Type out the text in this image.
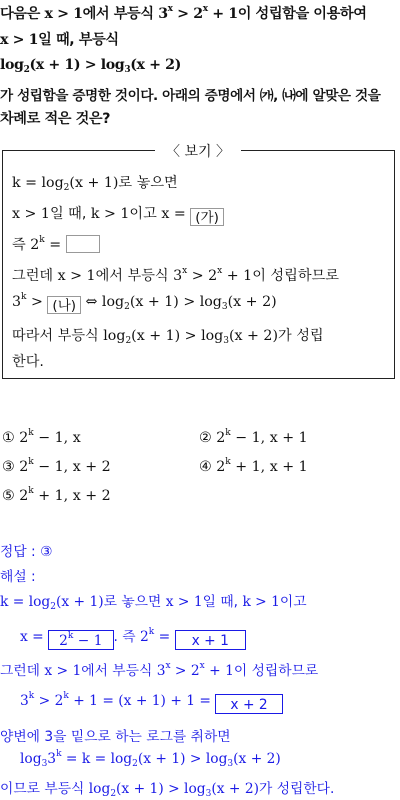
다음은 x > 1에서 부등식 $3^x > 2^x + 1$이 성립함을 이용하여
x > 1일 때, 부등식
$\log_2(x + 1) > \log_3(x + 2)$
가 성립함을 증명한 것이다. 아래의 증명에서 ㈎, ㈏에 알맞은 것을
차례로 적은 것은?
〈 보기 〉
$k = \log_2(x + 1)$로 놓으면
x > 1일 때, k > 1이고 x = (가)
즉 $2^k$ =
그런데 x > 1에서 부등식 $3^x > 2^x + 1$이 성립하므로
$3^k$ > (나) ⇔ $\log_2(x + 1) > \log_3(x + 2)$
따라서 부등식 $\log_2(x + 1) > \log_3(x + 2)$가 성립
한다.
① $2^k - 1$, x	② $2^k - 1$, x + 1
③ $2^k - 1$, x + 2	④ $2^k + 1$, x + 1
⑤ $2^k + 1$, x + 2
정답 : ③
해설 :
$k = \log_2(x + 1)$로 놓으면 x > 1일 때, k > 1이고
$x = 2^k - 1$ . 즉 $2^k = x + 1$
그런데 x > 1에서 부등식 $3^x > 2^x + 1$이 성립하므로
$3^k > 2^k + 1 = (x + 1) + 1 = x + 2$
양변에 3을 밑으로 하는 로그를 취하면
$\log_33^k = k = \log_2(x + 1) > \log_3(x + 2)$
이므로 부등식 $\log_2(x + 1) > \log_3(x + 2)$가 성립한다.
